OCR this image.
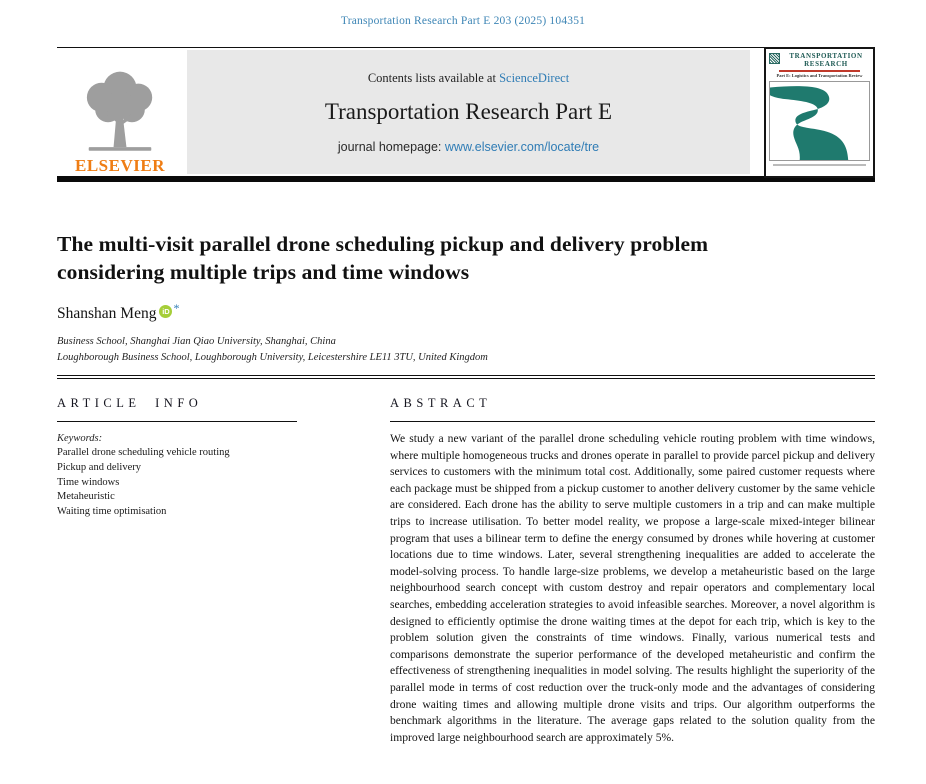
Transportation Research Part E 203 (2025) 104351
ELSEVIER
Contents lists available at ScienceDirect
Transportation Research Part E
journal homepage: www.elsevier.com/locate/tre
TRANSPORTATION RESEARCH
Part E: Logistics and Transportation Review
The multi-visit parallel drone scheduling pickup and delivery problem considering multiple trips and time windows
Shanshan Meng iD *
Business School, Shanghai Jian Qiao University, Shanghai, China
Loughborough Business School, Loughborough University, Leicestershire LE11 3TU, United Kingdom
ARTICLE INFO
Keywords:
Parallel drone scheduling vehicle routing
Pickup and delivery
Time windows
Metaheuristic
Waiting time optimisation
ABSTRACT

We study a new variant of the parallel drone scheduling vehicle routing problem with time windows, where multiple homogeneous trucks and drones operate in parallel to provide parcel pickup and delivery services to customers with the minimum total cost. Additionally, some paired customer requests where each package must be shipped from a pickup customer to another delivery customer by the same vehicle are considered. Each drone has the ability to serve multiple customers in a trip and can make multiple trips to increase utilisation. To better model reality, we propose a large-scale mixed-integer bilinear program that uses a bilinear term to define the energy consumed by drones while hovering at customer locations due to time windows. Later, several strengthening inequalities are added to accelerate the model-solving process. To handle large-size problems, we develop a metaheuristic based on the large neighbourhood search concept with custom destroy and repair operators and complementary local searches, embedding acceleration strategies to avoid infeasible searches. Moreover, a novel algorithm is designed to efficiently optimise the drone waiting times at the depot for each trip, which is key to the problem solution given the constraints of time windows. Finally, various numerical tests and comparisons demonstrate the superior performance of the developed metaheuristic and confirm the effectiveness of strengthening inequalities in model solving. The results highlight the superiority of the parallel mode in terms of cost reduction over the truck-only mode and the advantages of considering drone waiting times and allowing multiple drone visits and trips. Our algorithm outperforms the benchmark algorithms in the literature. The average gaps related to the solution quality from the improved large neighbourhood search are approximately 5%.
